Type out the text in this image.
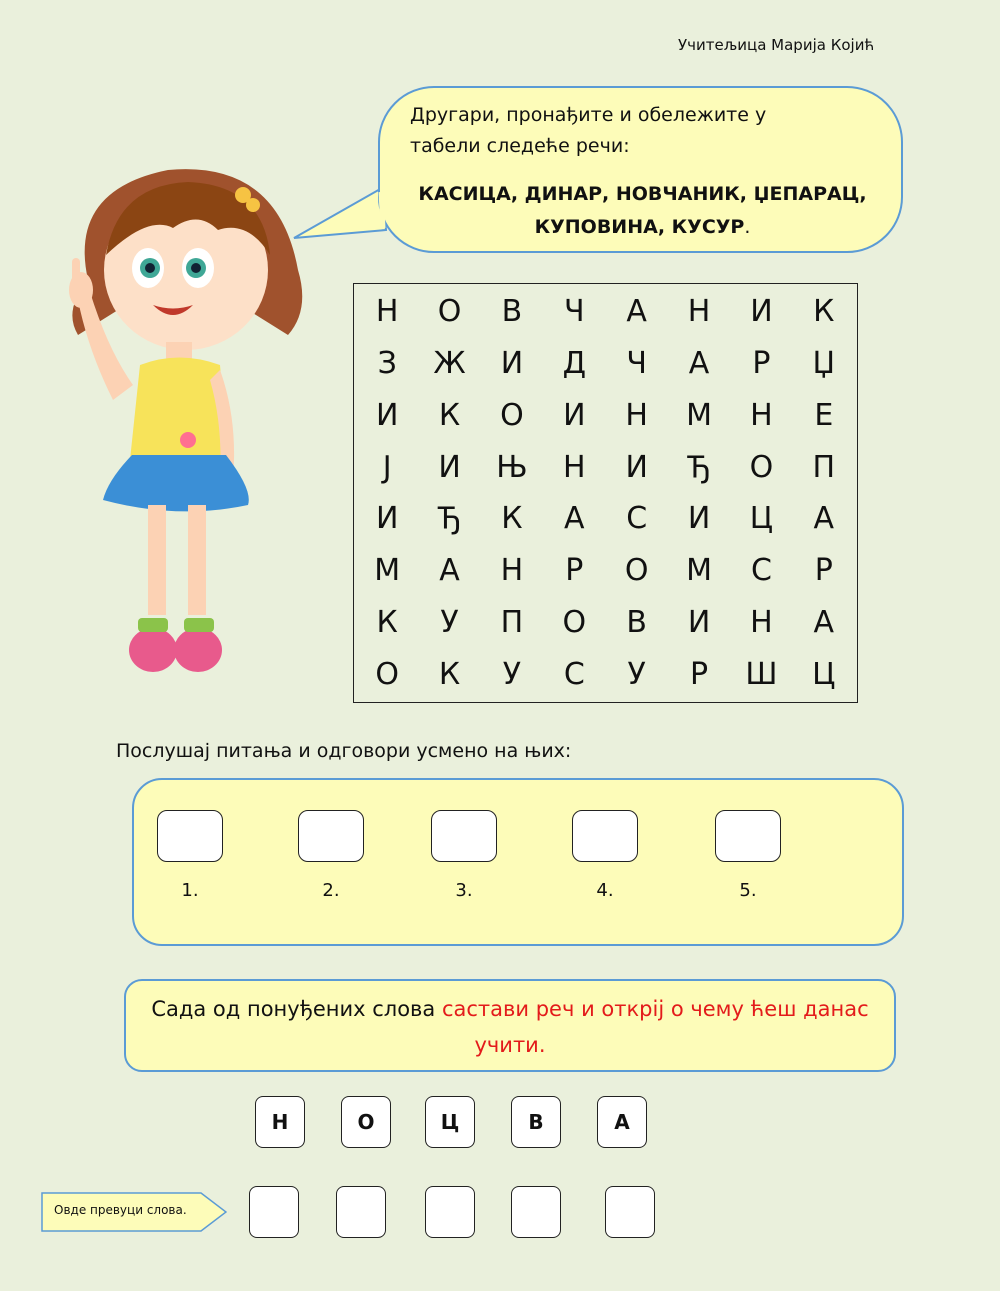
Учитељица Марија Којић
Другари, пронађите и обележите у табели следеће речи:
КАСИЦА, ДИНАР, НОВЧАНИК, ЏЕПАРАЦ, КУПОВИНА, КУСУР.
Н	О	В	Ч	А	Н	И	К
З	Ж	И	Д	Ч	А	Р	Џ
И	К	О	И	Н	М	Н	Е
Ј	И	Њ	Н	И	Ђ	О	П
И	Ђ	К	А	С	И	Ц	А
М	А	Н	Р	О	М	С	Р
К	У	П	О	В	И	Н	А
О	К	У	С	У	Р	Ш	Ц
Послушај питања и одговори усмено на њих:
1.	2.	3.	4.	5.
Сада од понуђених слова састави реч и открij о чему ћеш данас учити.
Н	О	Ц	В	А
Овде превуци слова.
